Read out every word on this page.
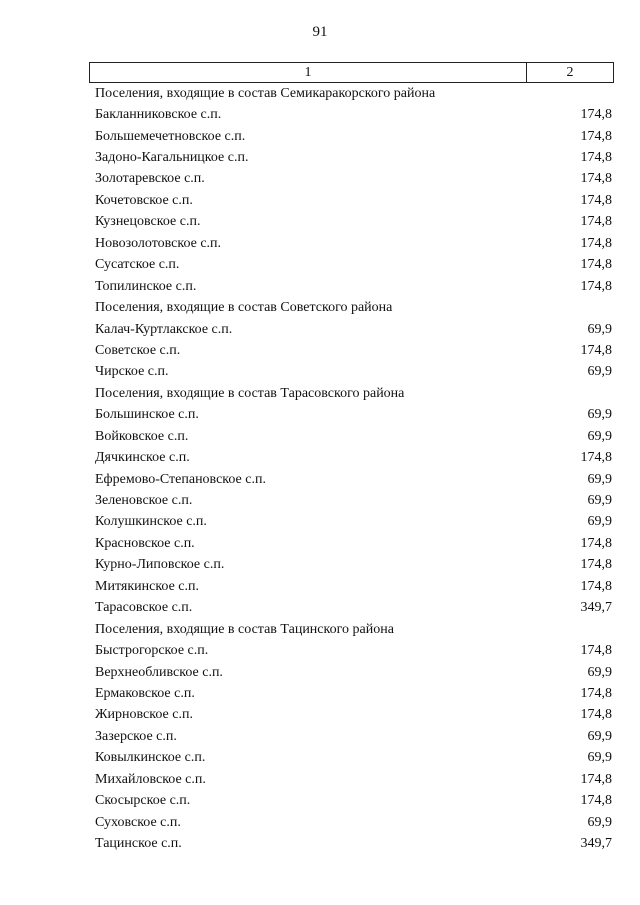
91
1	2
Поселения, входящие в состав Семикаракорского района
Бакланниковское с.п.	174,8
Большемечетновское с.п.	174,8
Задоно-Кагальницкое с.п.	174,8
Золотаревское с.п.	174,8
Кочетовское с.п.	174,8
Кузнецовское с.п.	174,8
Новозолотовское с.п.	174,8
Сусатское с.п.	174,8
Топилинское с.п.	174,8
Поселения, входящие в состав Советского района
Калач-Куртлакское с.п.	69,9
Советское с.п.	174,8
Чирское с.п.	69,9
Поселения, входящие в состав Тарасовского района
Большинское с.п.	69,9
Войковское с.п.	69,9
Дячкинское с.п.	174,8
Ефремово-Степановское с.п.	69,9
Зеленовское с.п.	69,9
Колушкинское с.п.	69,9
Красновское с.п.	174,8
Курно-Липовское с.п.	174,8
Митякинское с.п.	174,8
Тарасовское с.п.	349,7
Поселения, входящие в состав Тацинского района
Быстрогорское с.п.	174,8
Верхнеобливское с.п.	69,9
Ермаковское с.п.	174,8
Жирновское с.п.	174,8
Зазерское с.п.	69,9
Ковылкинское с.п.	69,9
Михайловское с.п.	174,8
Скосырское с.п.	174,8
Суховское с.п.	69,9
Тацинское с.п.	349,7
